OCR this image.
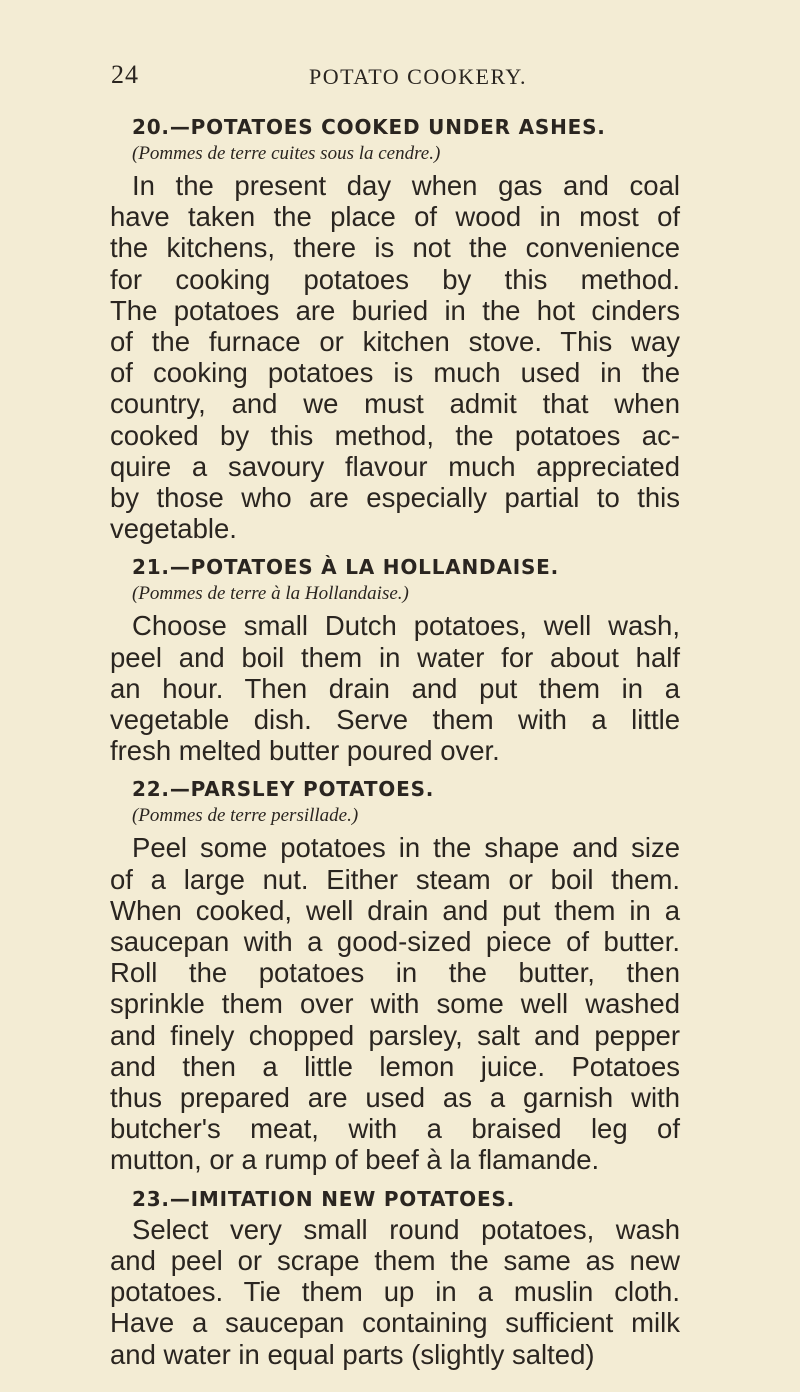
24	POTATO COOKERY.
20.—POTATOES COOKED UNDER ASHES.

(Pommes de terre cuites sous la cendre.)

In the present day when gas and coal
have taken the place of wood in most of
the kitchens, there is not the convenience
for cooking potatoes by this method.
The potatoes are buried in the hot cinders
of the furnace or kitchen stove. This way
of cooking potatoes is much used in the
country, and we must admit that when
cooked by this method, the potatoes ac-
quire a savoury flavour much appreciated
by those who are especially partial to this
vegetable.
21.—POTATOES À LA HOLLANDAISE.

(Pommes de terre à la Hollandaise.)

Choose small Dutch potatoes, well wash,
peel and boil them in water for about half
an hour. Then drain and put them in a
vegetable dish. Serve them with a little
fresh melted butter poured over.
22.—PARSLEY POTATOES.

(Pommes de terre persillade.)

Peel some potatoes in the shape and size
of a large nut. Either steam or boil them.
When cooked, well drain and put them in a
saucepan with a good-sized piece of butter.
Roll the potatoes in the butter, then
sprinkle them over with some well washed
and finely chopped parsley, salt and pepper
and then a little lemon juice. Potatoes
thus prepared are used as a garnish with
butcher's meat, with a braised leg of
mutton, or a rump of beef à la flamande.
23.—IMITATION NEW POTATOES.
Select very small round potatoes, wash
and peel or scrape them the same as new
potatoes. Tie them up in a muslin cloth.
Have a saucepan containing sufficient milk
and water in equal parts (slightly salted)
